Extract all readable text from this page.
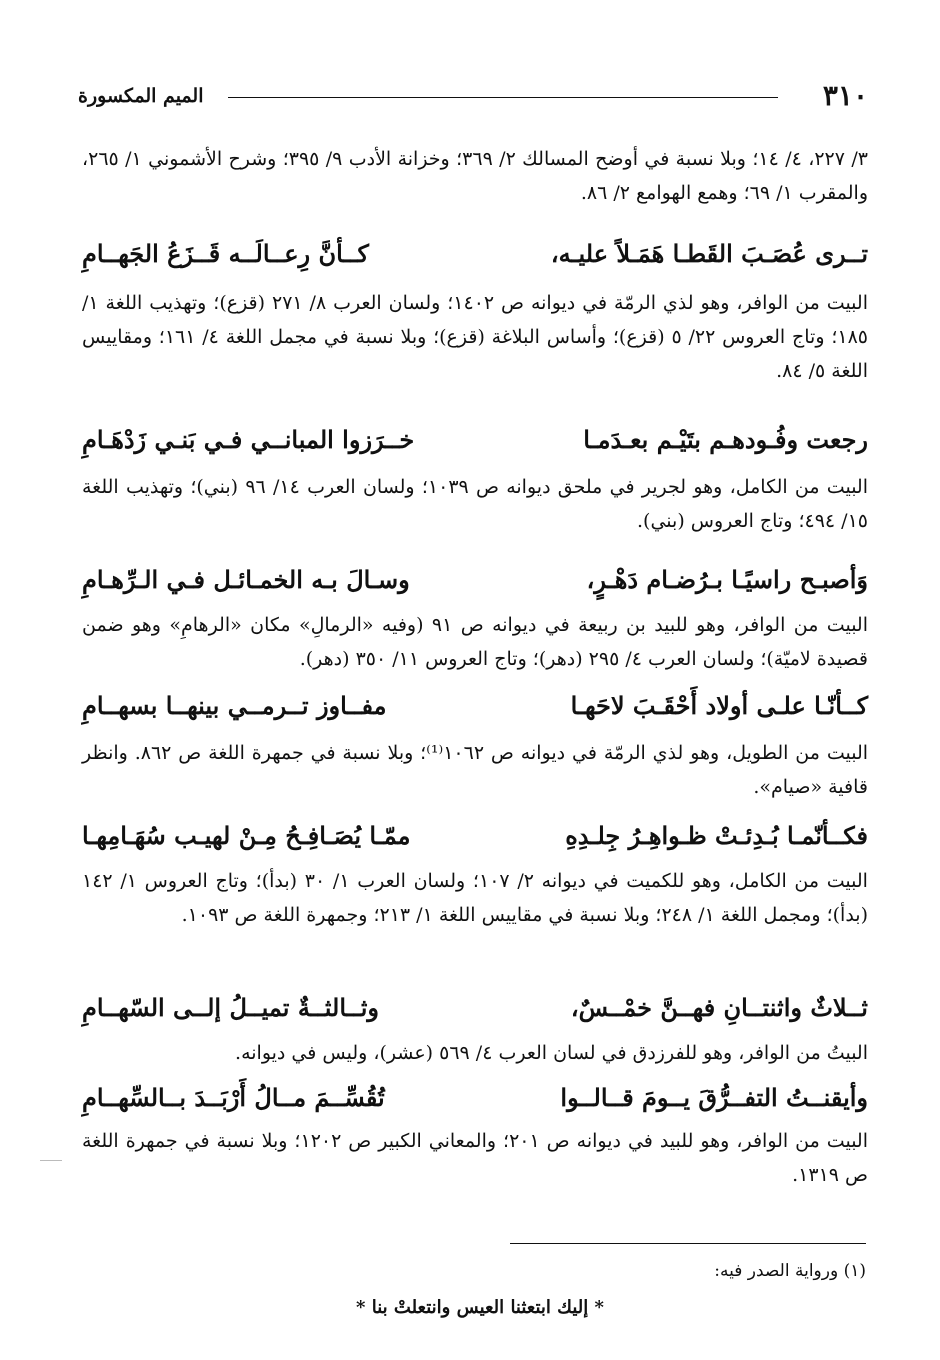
٣١٠
الميم المكسورة

٣/ ٢٢٧، ٤/ ١٤؛ وبلا نسبة في أوضح المسالك ٢/ ٣٦٩؛ وخزانة الأدب ٩/ ٣٩٥؛ وشرح الأشموني ١/ ٢٦٥، والمقرب ١/ ٦٩؛ وهمع الهوامع ٢/ ٨٦.

تــرى عُصَـبَ القَطـا هَمَـلاً عليـه،
كــأنَّ رِعــالَــه قَــزَعُ الجَهــامِ

البيت من الوافر، وهو لذي الرمّة في ديوانه ص ١٤٠٢؛ ولسان العرب ٨/ ٢٧١ (قزع)؛ وتهذيب اللغة ١/ ١٨٥؛ وتاج العروس ٢٢/ ٥ (قزع)؛ وأساس البلاغة (قزع)؛ وبلا نسبة في مجمل اللغة ٤/ ١٦١؛ ومقاييس اللغة ٥/ ٨٤.

رجعت وفُـودهـم بتَيْـم بعـدَمـا
خــرَزوا المبانــي فـي بَنـي زَدْهَـامِ

البيت من الكامل، وهو لجرير في ملحق ديوانه ص ١٠٣٩؛ ولسان العرب ١٤/ ٩٦ (بني)؛ وتهذيب اللغة ١٥/ ٤٩٤؛ وتاج العروس (بني).

وَأصبـح راسيًـا بـرُضـام دَهْـرٍ،
وسـالَ بـه الخمـائـل فـي الـرِّهـامِ

البيت من الوافر، وهو للبيد بن ربيعة في ديوانه ص ٩١ (وفيه «الرمالِ» مكان «الرهامِ» وهو ضمن قصيدة لاميّة)؛ ولسان العرب ٤/ ٢٩٥ (دهر)؛ وتاج العروس ١١/ ٣٥٠ (دهر).

كــأنّـا علـى أولاد أَحْقَـبَ لاحَهـا
مفــاوز تــرمــي بينهــا بسهــامِ

البيت من الطويل، وهو لذي الرمّة في ديوانه ص ١٠٦٢⁽¹⁾؛ وبلا نسبة في جمهرة اللغة ص ٨٦٢. وانظر قافية «صيام».

فكــأنّمـا بُـدِئـتْ ظـواهِـرُ جِلـدِهِ
ممّـا يُصَـافِـحُ مِـنْ لهيـب سُهَـامِهـا

البيت من الكامل، وهو للكميت في ديوانه ٢/ ١٠٧؛ ولسان العرب ١/ ٣٠ (بدأ)؛ وتاج العروس ١/ ١٤٢ (بدأ)؛ ومجمل اللغة ١/ ٢٤٨؛ وبلا نسبة في مقاييس اللغة ١/ ٢١٣؛ وجمهرة اللغة ص ١٠٩٣.

ثــلاثٌ واثنتــانِ فهــنَّ خمْــسٌ،
وثــالثــةٌ تميــلُ إلــى السّهــامِ

البيتُ من الوافر، وهو للفرزدق في لسان العرب ٤/ ٥٦٩ (عشر)، وليس في ديوانه.

وأيقنــتُ التفــرُّقَ يــومَ قــالــوا
تُقُسِّــمَ مــالُ أَرْبَــدَ بــالسِّهــامِ

البيت من الوافر، وهو للبيد في ديوانه ص ٢٠١؛ والمعاني الكبير ص ١٢٠٢؛ وبلا نسبة في جمهرة اللغة ص ١٣١٩.

(١) ورواية الصدر فيه:
* إليك ابتعثنا العيس وانتعلتْ بنا *
